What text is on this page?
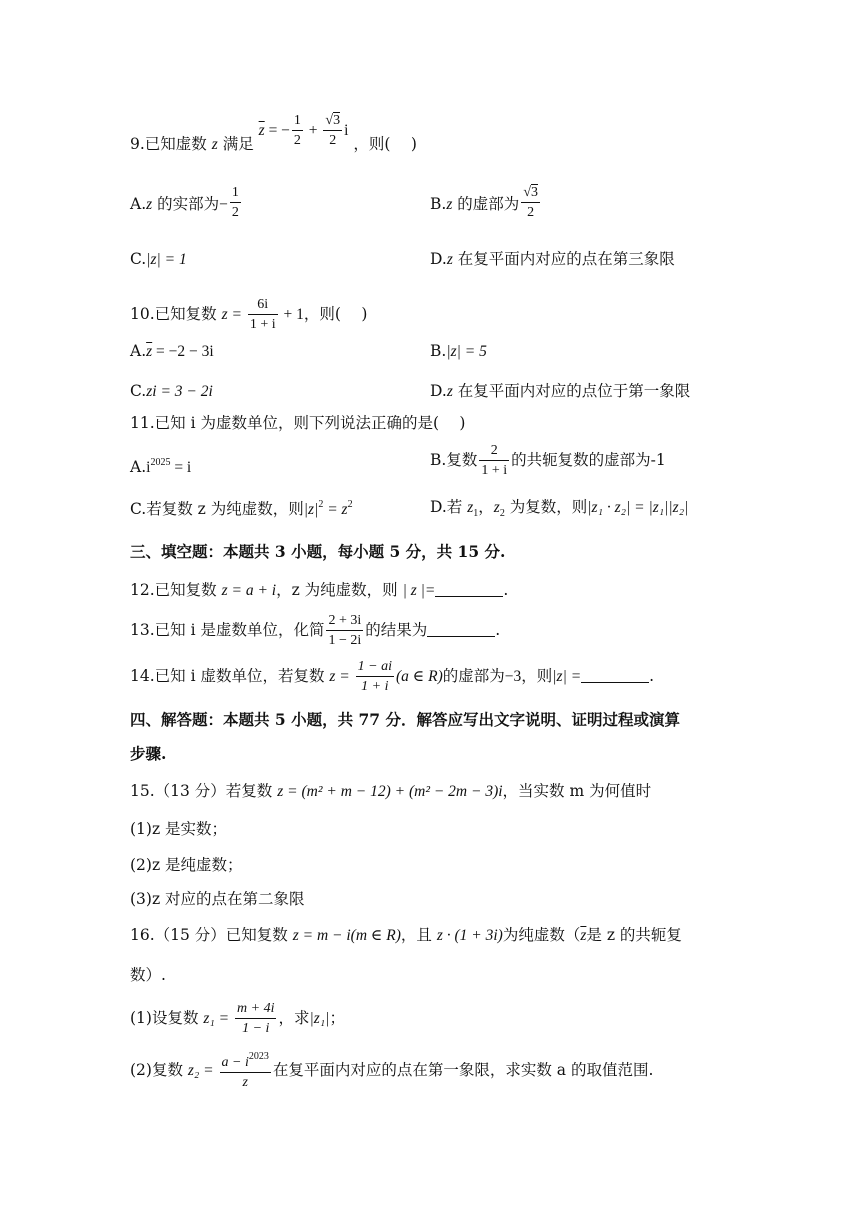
9.已知虚数 z 满足 $\overline{z}$ = − $\frac{1}{2} + \frac{√3}{2}$ i ，则(　 )
A.z 的实部为− $\frac{1}{2}$	B.z 的虚部为 $\frac{√3}{2}$
C.|z| = 1	D.z 在复平面内对应的点在第三象限
10.已知复数 $z = \frac{6i}{1 + i} + 1$，则(　 )
$A.\overline{z} = -2 - 3i$	B.|z| = 5
C.zi = 3 − 2i	D.z 在复平面内对应的点位于第一象限
11.已知 i 为虚数单位，则下列说法正确的是(　 )
$A.i^{2025} = i$	B.复数 $\frac{2}{1 + i}$ 的共轭复数的虚部为-1
C.若复数 z 为纯虚数，则$|z|^2 = z^2$	D.若 $z_1$，$z_2$ 为复数，则|z₁ · z₂| = |z₁||z₂|
三、填空题：本题共 3 小题，每小题 5 分，共 15 分.
12.已知复数 z = a + i，z 为纯虚数，则 | z |=	.
13.已知 i 是虚数单位，化简 $\frac{2 + 3i}{1 - 2i}$ 的结果为	.
14.已知 i 虚数单位，若复数 $z = \frac{1 - ai}{1 + i} (a$ ∈ R)的虚部为−3，则|z| =	.
四、解答题：本题共 5 小题，共 77 分．解答应写出文字说明、证明过程或演算
步骤.
15.（13 分）若复数 z = (m² + m − 12) + (m² − 2m − 3)i，当实数 m 为何值时
(1)z 是实数；
(2)z 是纯虚数；
(3)z 对应的点在第二象限
16.（15 分）已知复数 z = m − i(m ∈ R)，且 z · (1 + 3i)为纯虚数（$\overline{z}$是 z 的共轭复
数）.
(1)设复数 $z_1 = \frac{m + 4i}{1 - i}$ ，求|z₁|；
(2)复数 $z_2 = \frac{a - i^{2023}}{z}$ 在复平面内对应的点在第一象限，求实数 a 的取值范围.
